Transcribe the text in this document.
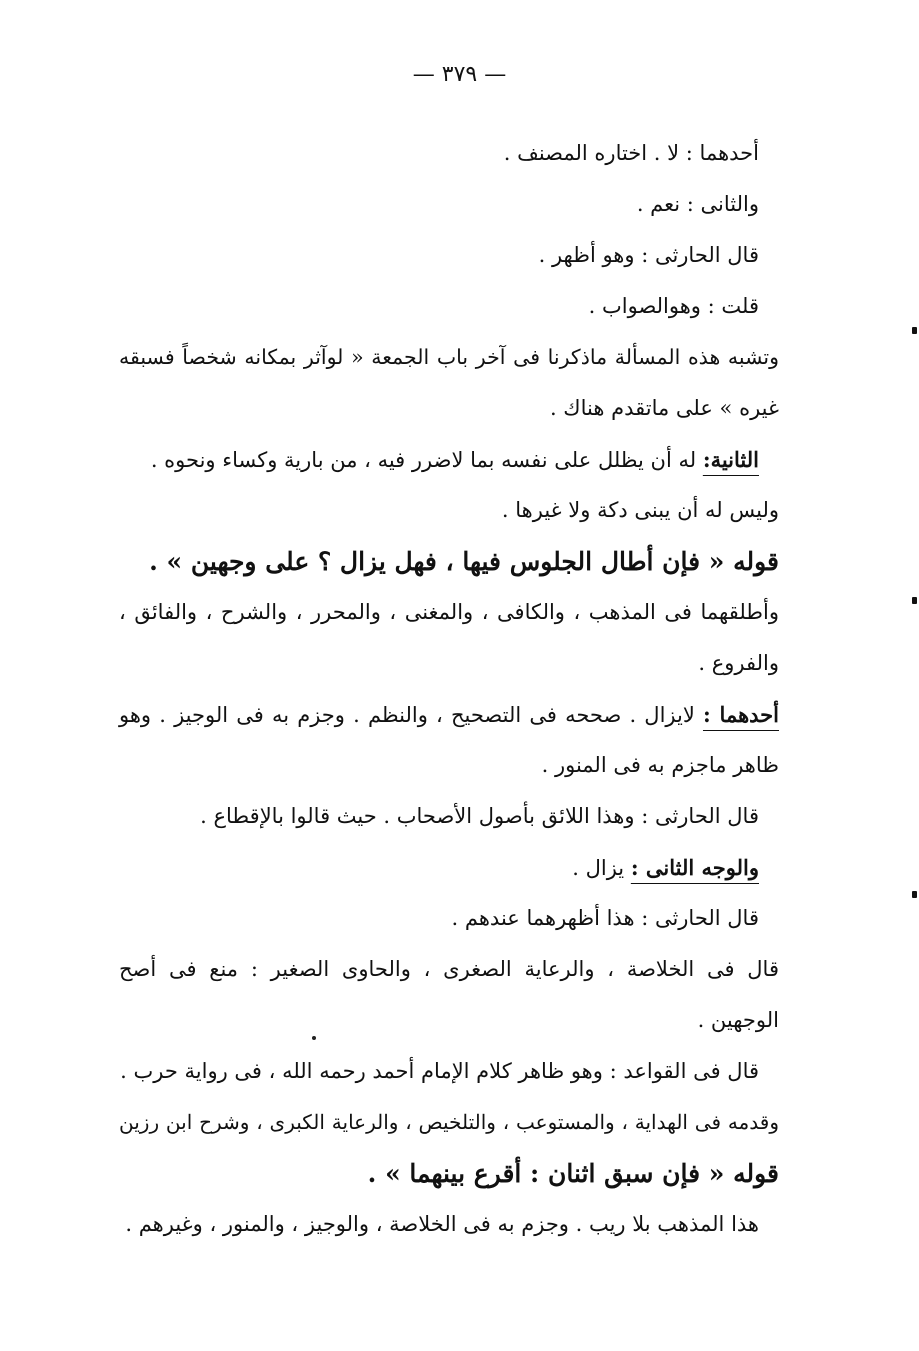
— ٣٧٩ —
أحدهما : لا . اختاره المصنف .
والثانى : نعم .
قال الحارثى : وهو أظهر .
قلت : وهوالصواب .
وتشبه هذه المسألة ماذكرنا فى آخر باب الجمعة « لوآثر بمكانه شخصاً فسبقه
غيره » على ماتقدم هناك .
الثانية: له أن يظلل على نفسه بما لاضرر فيه ، من بارية وكساء ونحوه .
وليس له أن يبنى دكة ولا غيرها .
قوله « فإن أطال الجلوس فيها ، فهل يزال ؟ على وجهين » .
وأطلقهما فى المذهب ، والكافى ، والمغنى ، والمحرر ، والشرح ، والفائق ،
والفروع .
أحدهما : لايزال . صححه فى التصحيح ، والنظم . وجزم به فى الوجيز . وهو
ظاهر ماجزم به فى المنور .
قال الحارثى : وهذا اللائق بأصول الأصحاب . حيث قالوا بالإقطاع .
والوجه الثانى : يزال .
قال الحارثى : هذا أظهرهما عندهم .
قال فى الخلاصة ، والرعاية الصغرى ، والحاوى الصغير : منع فى أصح
الوجهين .
قال فى القواعد : وهو ظاهر كلام الإمام أحمد رحمه الله ، فى رواية حرب .
وقدمه فى الهداية ، والمستوعب ، والتلخيص ، والرعاية الكبرى ، وشرح ابن رزين
قوله « فإن سبق اثنان : أقرع بينهما » .
هذا المذهب بلا ريب . وجزم به فى الخلاصة ، والوجيز ، والمنور ، وغيرهم .
